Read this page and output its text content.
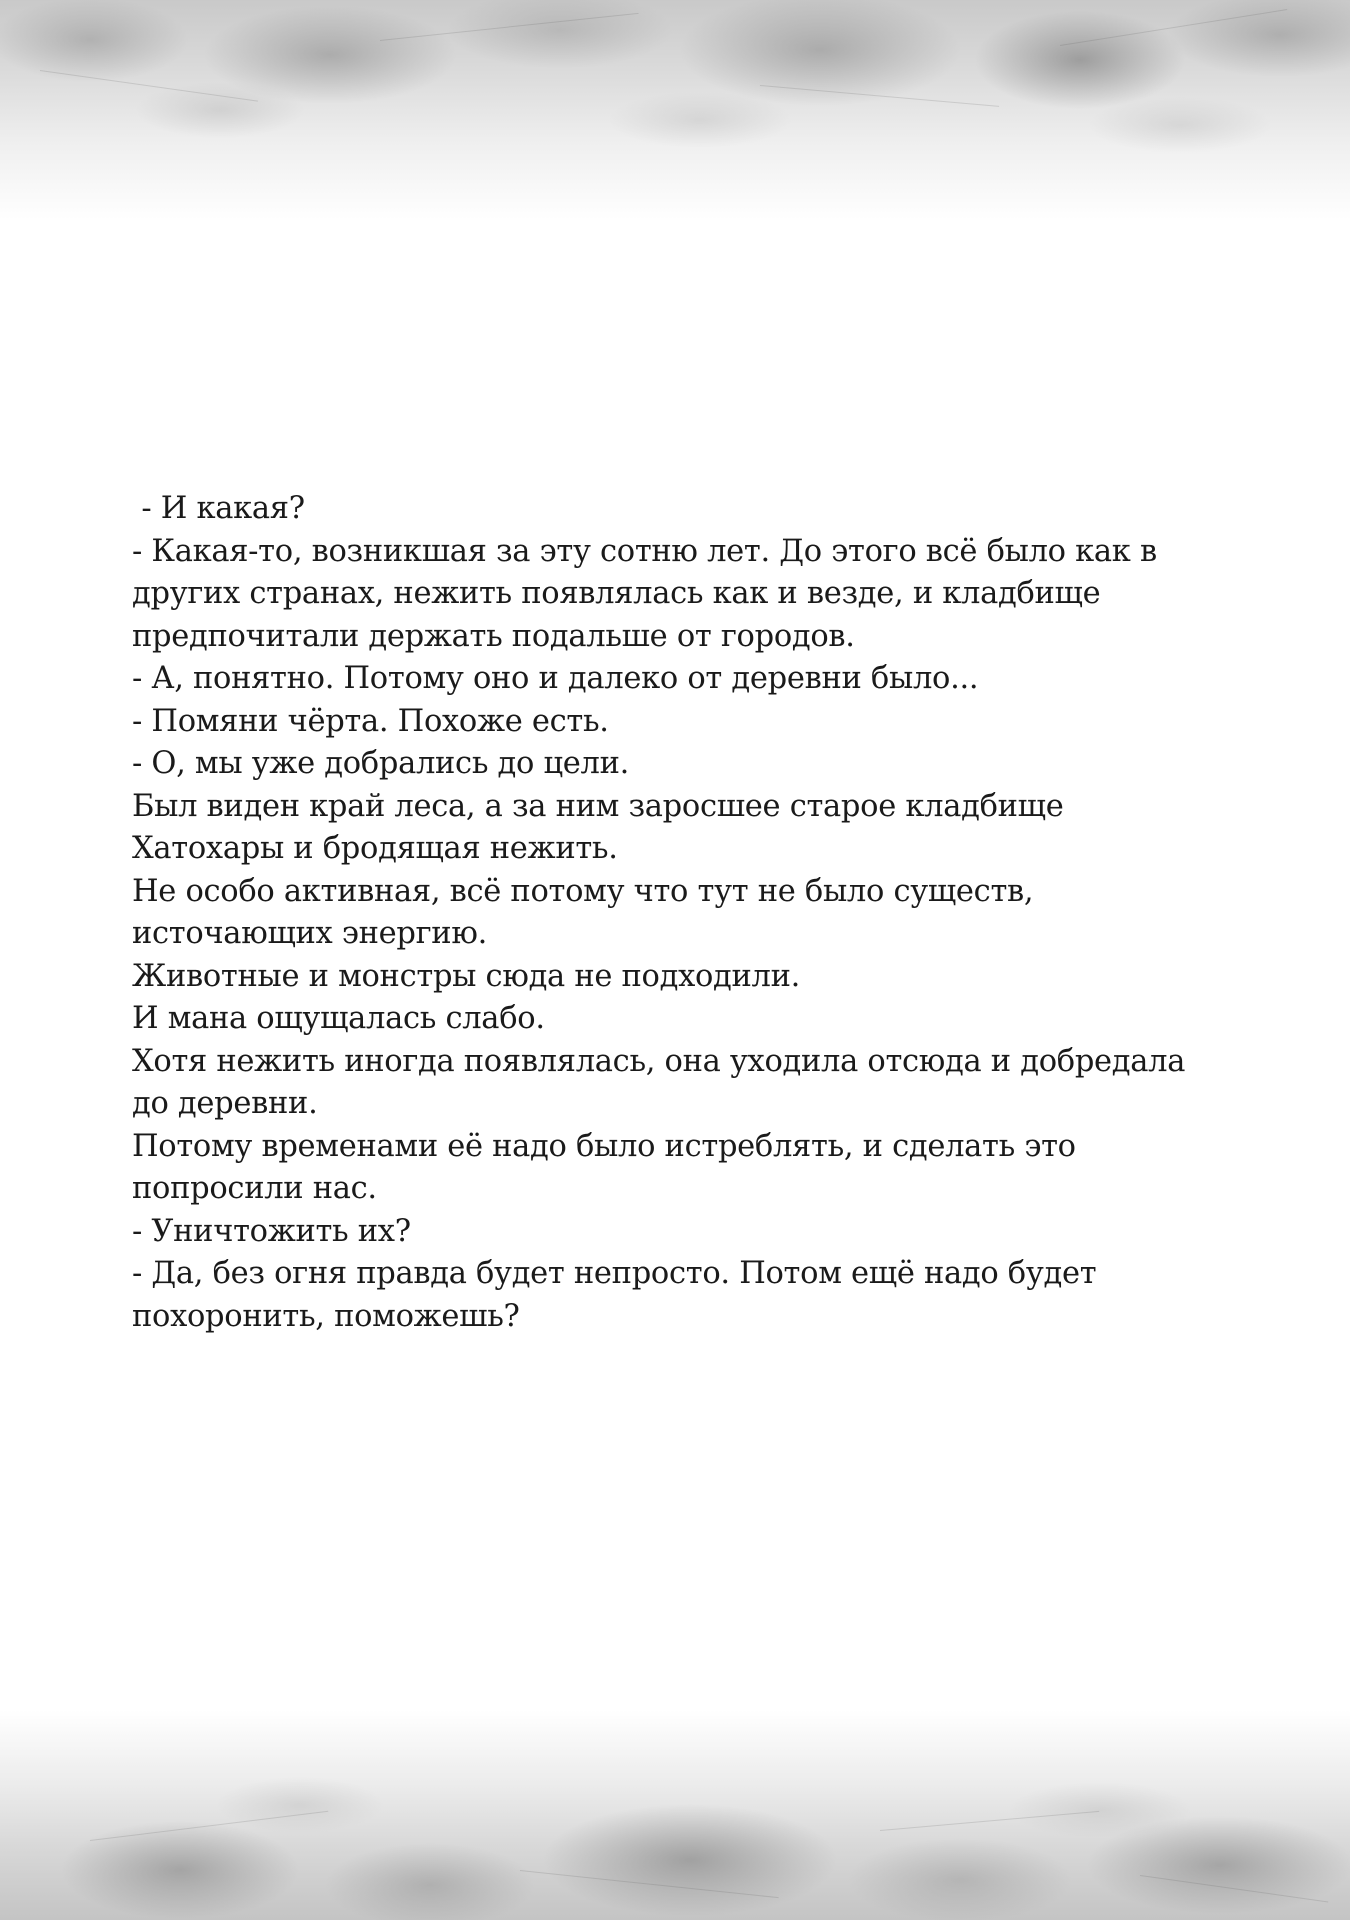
- И какая?

- Какая-то, возникшая за эту сотню лет. До этого всё было как в

других странах, нежить появлялась как и везде, и кладбище

предпочитали держать подальше от городов.

- А, понятно. Потому оно и далеко от деревни было...

- Помяни чёрта. Похоже есть.

- О, мы уже добрались до цели.

Был виден край леса, а за ним заросшее старое кладбище

Хатохары и бродящая нежить.

Не особо активная, всё потому что тут не было существ,

источающих энергию.

Животные и монстры сюда не подходили.

И мана ощущалась слабо.

Хотя нежить иногда появлялась, она уходила отсюда и добредала

до деревни.

Потому временами её надо было истреблять, и сделать это

попросили нас.

- Уничтожить их?

- Да, без огня правда будет непросто. Потом ещё надо будет

похоронить, поможешь?
